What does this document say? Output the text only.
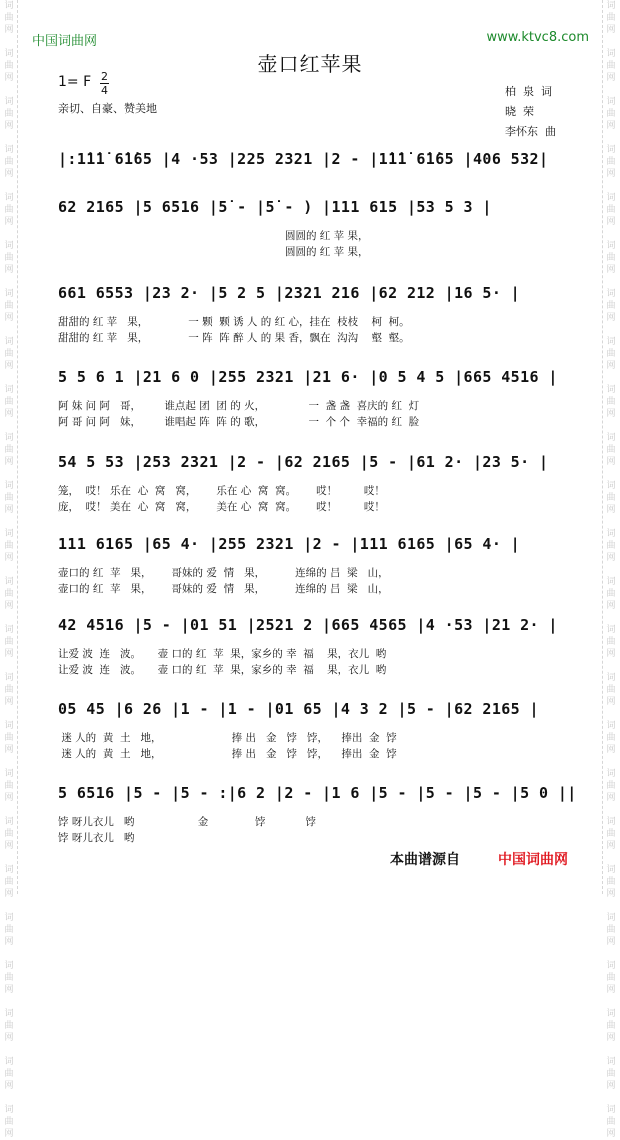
词
曲
网

词
曲
网

词
曲
网

词
曲
网

词
曲
网

词
曲
网

词
曲
网

词
曲
网

词
曲
网

词
曲
网

词
曲
网

词
曲
网

词
曲
网

词
曲
网

词
曲
网

词
曲
网

词
曲
网

词
曲
网

词
曲
网

词
曲
网

词
曲
网

词
曲
网

词
曲
网

词
曲
网

词
曲
网

词
曲
网

词
曲
网

词
曲
网

词
曲
网

词
曲
网

词
曲
网

词
曲
网

词
曲
网

词
曲
网

词
曲
网

词
曲
网

词
曲
网

词
曲
网

词
曲
网

词
曲
网

词
曲
网

词
曲
网

词
曲
网

词
曲
网

词
曲
网

词
曲
网

词
曲
网

词
曲
网

中国词曲网	www.ktvc8.com
壶口红苹果
1= F 2
4
亲切、自豪、赞美地
柏  泉  词
晓  荣
李怀东  曲
|:1̇1̇1̇ 6̇1̇65 |4 ·53 |225 2321 |2 - |1̇1̇1̇ 6̇1̇65 |406 532|
62 2165 |5 6516 |5̇ - |5̇ - ) |111 615 |53 5 3 |
圆圆的 红 苹 果，
圆圆的 红 苹 果，
661 6553 |23 2· |5 2 5 |2321 216 |62 212 |16 5· |
甜甜的 红 苹   果，            一 颗  颗 诱 人 的 红 心，挂在  枝枝    柯  柯。
甜甜的 红 苹   果，            一 阵  阵 醉 人 的 果 香，飘在  沟沟    壑  壑。
5 5 6 1 |21 6 0 |255 2321 |21 6· |0 5 4 5 |665 4516 |
阿 妹 问 阿   哥，       谁点起 团  团 的 火，             一  盏 盏  喜庆的 红  灯
阿 哥 问 阿   妹，       谁唱起 阵  阵 的 歌，             一  个 个  幸福的 红  脸
54 5 53 |253 2321 |2 - |62 2165 |5 - |61 2· |23 5· |
笼，  哎！ 乐在  心  窝   窝，      乐在 心  窝  窝。      哎！        哎！
庞，  哎！ 美在  心  窝   窝，      美在 心  窝  窝。      哎！        哎！
111 6165 |65 4· |255 2321 |2 - |111 6165 |65 4· |
壶口的 红  苹   果，      哥妹的 爱  情   果，         连绵的 吕  梁   山，
壶口的 红  苹   果，      哥妹的 爱  情   果，         连绵的 吕  梁   山，
42 4516 |5 - |01 51 |2521 2 |665 4565 |4 ·53 |21 2· |
让爱 波  连   波。     壶 口的 红  苹  果，家乡的 幸  福    果，衣儿  哟
让爱 波  连   波。     壶 口的 红  苹  果，家乡的 幸  福    果，衣儿  哟
05 45 |6 26 |1 - |1 - |01 65 |4 3 2 |5 - |62 2165 |
迷 人的  黄  土   地，                     捧 出   金   饽   饽，    捧出  金  饽
迷 人的  黄  土   地，                     捧 出   金   饽   饽，    捧出  金  饽
5 6516 |5 - |5 - :|6 2 |2 - |1 6 |5 - |5 - |5 - |5 0 ||
饽 呀儿衣儿   哟                   金              饽            饽
饽 呀儿衣儿   哟
本曲谱源自	中国词曲网
